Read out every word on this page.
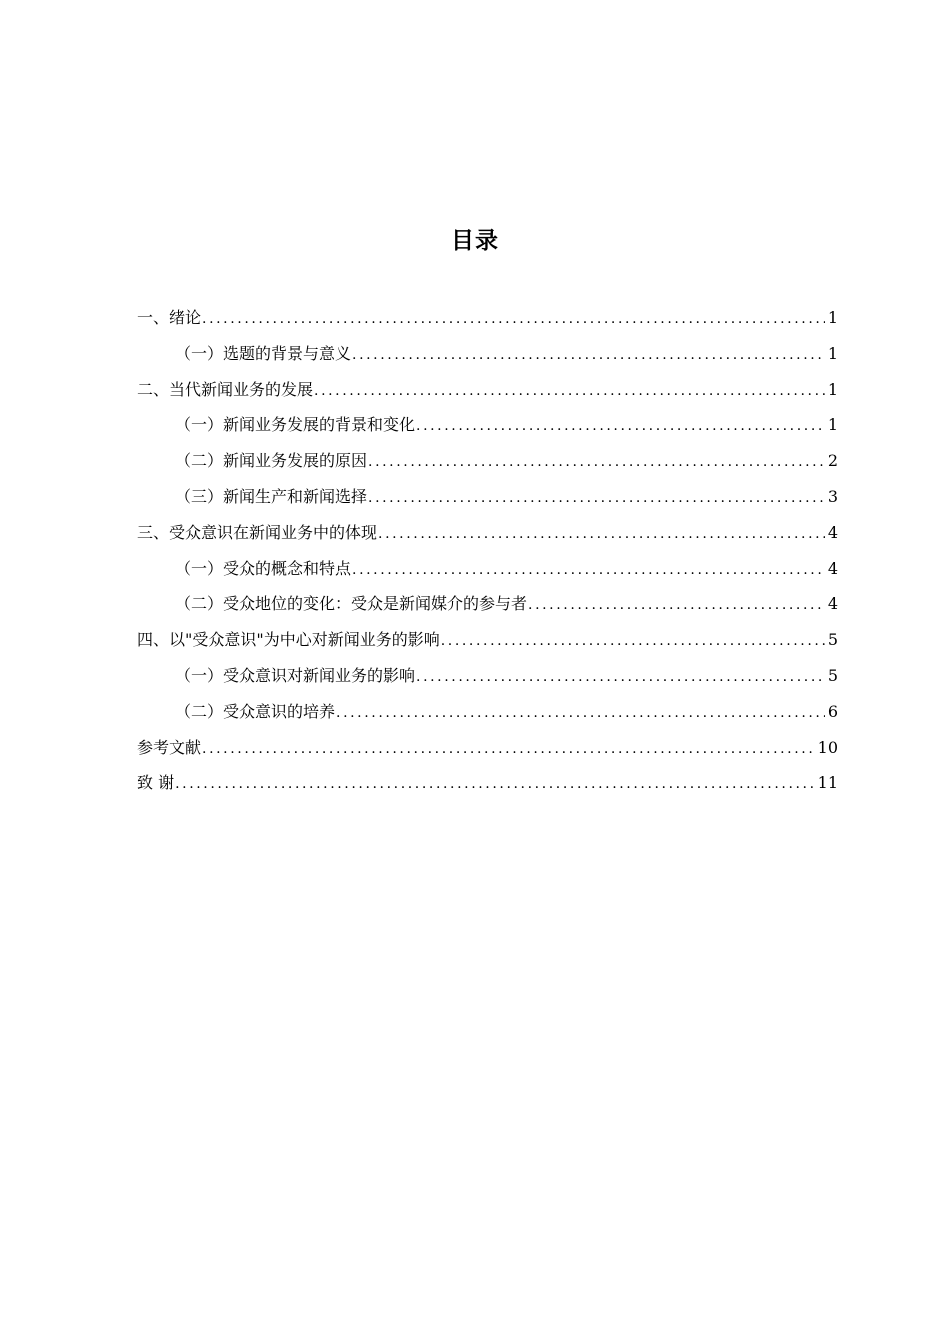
目录
一、绪论 .....	1
（一）选题的背景与意义 .....	1
二、当代新闻业务的发展 .....	1
（一）新闻业务发展的背景和变化 .....	1
（二）新闻业务发展的原因 .....	2
（三）新闻生产和新闻选择 .....	3
三、受众意识在新闻业务中的体现 .....	4
（一）受众的概念和特点 .....	4
（二）受众地位的变化：受众是新闻媒介的参与者 .....	4
四、以"受众意识"为中心对新闻业务的影响 .....	5
（一）受众意识对新闻业务的影响 .....	5
（二）受众意识的培养 .....	6
参考文献 .....	10
致 谢 .....	11
